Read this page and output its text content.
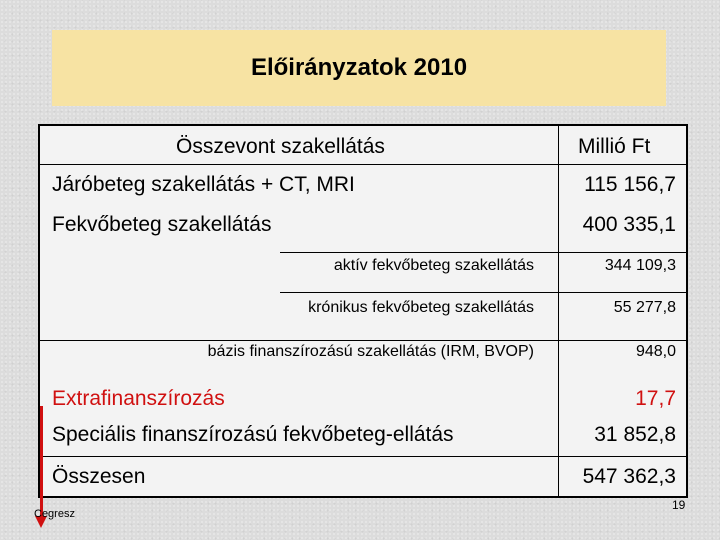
Előirányzatok 2010
Összevont szakellátás	Millió Ft
Járóbeteg szakellátás + CT, MRI	115 156,7
Fekvőbeteg szakellátás	400 335,1
aktív fekvőbeteg szakellátás	344 109,3
krónikus fekvőbeteg szakellátás	55 277,8
bázis finanszírozású szakellátás (IRM, BVOP)	948,0
Extrafinanszírozás	17,7
Speciális finanszírozású fekvőbeteg-ellátás	31 852,8
Összesen	547 362,3
Cegresz
19
